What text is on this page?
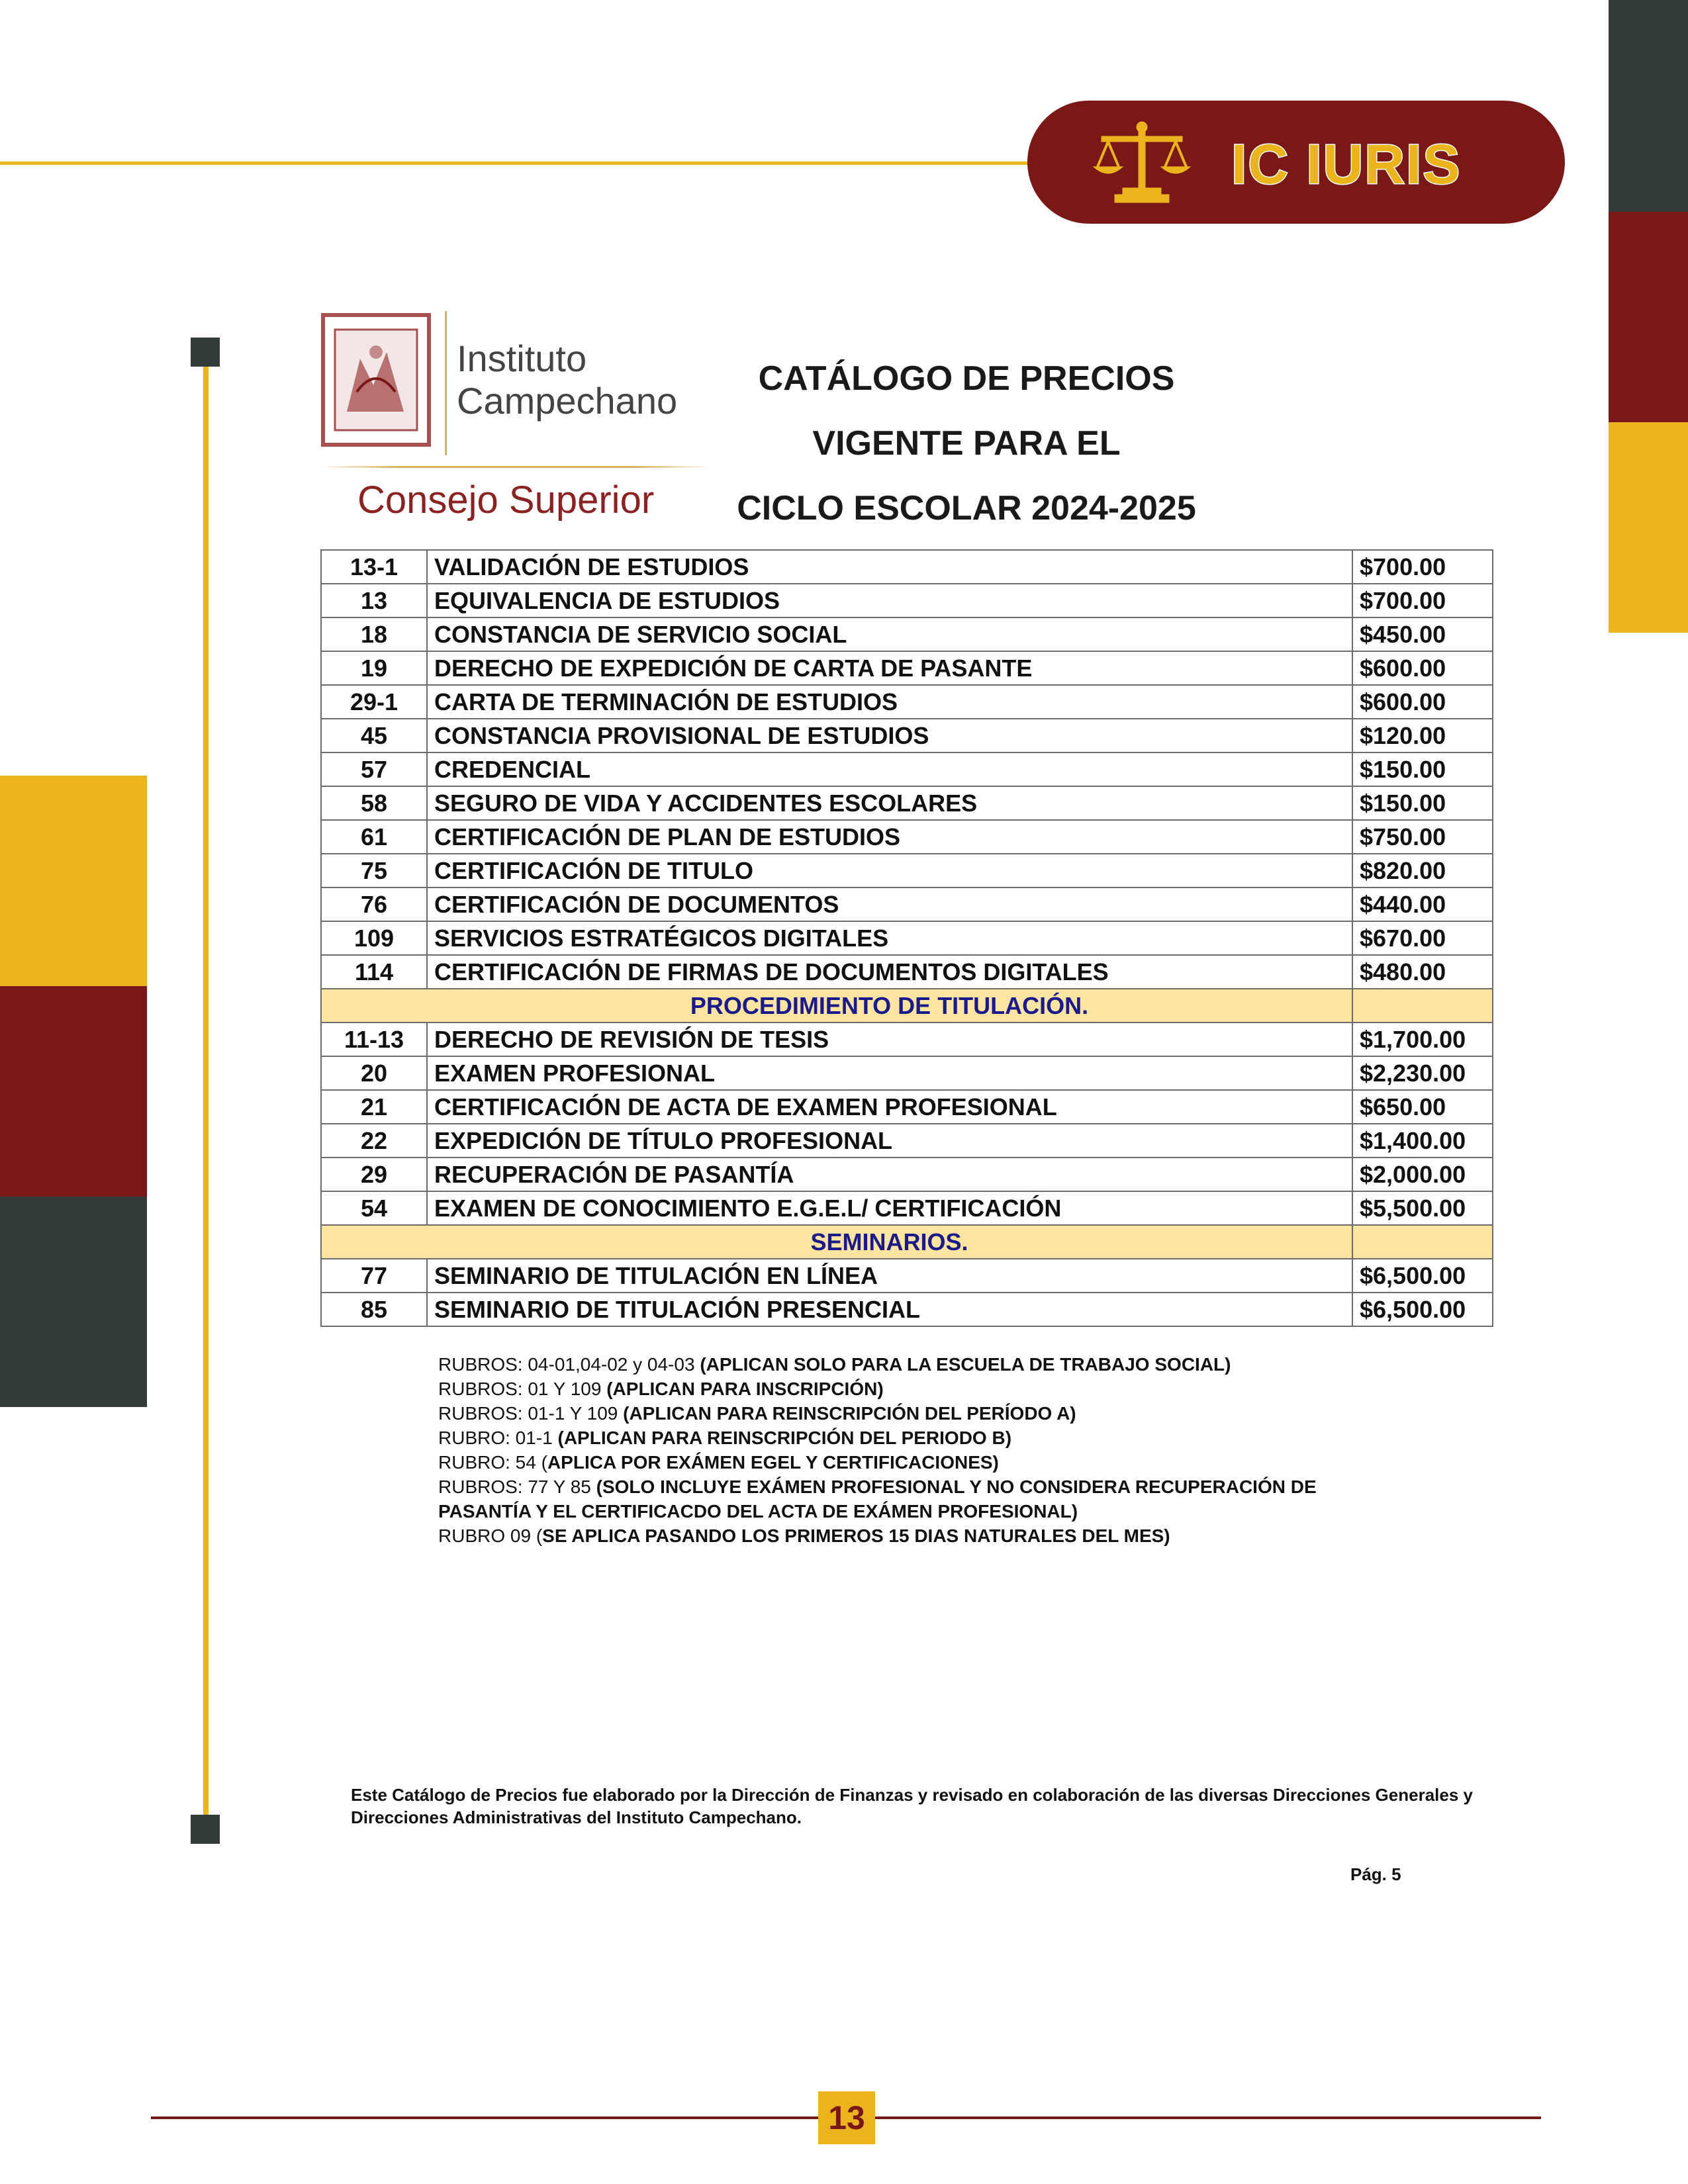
IC IURIS
Instituto
Campechano
Consejo Superior
CATÁLOGO DE PRECIOS
VIGENTE PARA EL
CICLO ESCOLAR 2024-2025
13-1	VALIDACIÓN DE ESTUDIOS	$700.00
13	EQUIVALENCIA DE ESTUDIOS	$700.00
18	CONSTANCIA DE SERVICIO SOCIAL	$450.00
19	DERECHO DE EXPEDICIÓN DE CARTA DE PASANTE	$600.00
29-1	CARTA DE TERMINACIÓN DE ESTUDIOS	$600.00
45	CONSTANCIA PROVISIONAL DE ESTUDIOS	$120.00
57	CREDENCIAL	$150.00
58	SEGURO DE VIDA Y ACCIDENTES ESCOLARES	$150.00
61	CERTIFICACIÓN DE PLAN DE ESTUDIOS	$750.00
75	CERTIFICACIÓN DE TITULO	$820.00
76	CERTIFICACIÓN DE DOCUMENTOS	$440.00
109	SERVICIOS ESTRATÉGICOS DIGITALES	$670.00
114	CERTIFICACIÓN DE FIRMAS DE DOCUMENTOS DIGITALES	$480.00
	PROCEDIMIENTO DE TITULACIÓN.	
11-13	DERECHO DE REVISIÓN DE TESIS	$1,700.00
20	EXAMEN PROFESIONAL	$2,230.00
21	CERTIFICACIÓN DE ACTA DE EXAMEN PROFESIONAL	$650.00
22	EXPEDICIÓN DE TÍTULO PROFESIONAL	$1,400.00
29	RECUPERACIÓN DE PASANTÍA	$2,000.00
54	EXAMEN DE CONOCIMIENTO E.G.E.L/ CERTIFICACIÓN	$5,500.00
	SEMINARIOS.	
77	SEMINARIO DE TITULACIÓN EN LÍNEA	$6,500.00
85	SEMINARIO DE TITULACIÓN PRESENCIAL	$6,500.00
RUBROS: 04-01,04-02 y 04-03 (APLICAN SOLO PARA LA ESCUELA DE TRABAJO SOCIAL)
RUBROS: 01 Y 109 (APLICAN PARA INSCRIPCIÓN)
RUBROS: 01-1 Y 109 (APLICAN PARA REINSCRIPCIÓN DEL PERÍODO A)
RUBRO: 01-1 (APLICAN PARA REINSCRIPCIÓN DEL PERIODO B)
RUBRO: 54 (APLICA POR EXÁMEN EGEL Y CERTIFICACIONES)
RUBROS: 77 Y 85 (SOLO INCLUYE EXÁMEN PROFESIONAL Y NO CONSIDERA RECUPERACIÓN DE
PASANTÍA Y EL CERTIFICACDO DEL ACTA DE EXÁMEN PROFESIONAL)
RUBRO 09 (SE APLICA PASANDO LOS PRIMEROS 15 DIAS NATURALES DEL MES)
Este Catálogo de Precios fue elaborado por la Dirección de Finanzas y revisado en colaboración de las diversas Direcciones Generales y Direcciones Administrativas del Instituto Campechano.
Pág. 5
13
